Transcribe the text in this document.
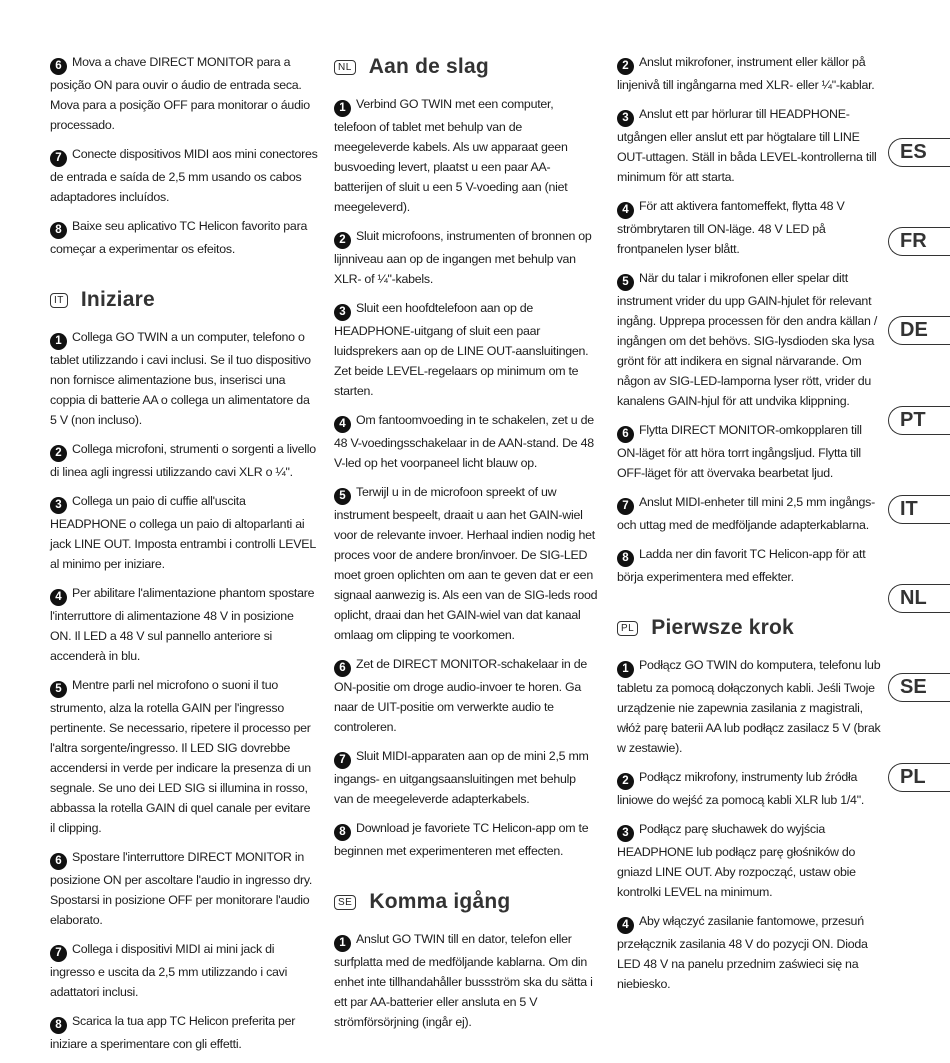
6 Mova a chave DIRECT MONITOR para a posição ON para ouvir o áudio de entrada seca. Mova para a posição OFF para monitorar o áudio processado.

7 Conecte dispositivos MIDI aos mini conectores de entrada e saída de 2,5 mm usando os cabos adaptadores incluídos.

8 Baixe seu aplicativo TC Helicon favorito para começar a experimentar os efeitos.

IT Iniziare

1 Collega GO TWIN a un computer, telefono o tablet utilizzando i cavi inclusi. Se il tuo dispositivo non fornisce alimentazione bus, inserisci una coppia di batterie AA o collega un alimentatore da 5 V (non incluso).

2 Collega microfoni, strumenti o sorgenti a livello di linea agli ingressi utilizzando cavi XLR o ¼".

3 Collega un paio di cuffie all'uscita HEADPHONE o collega un paio di altoparlanti ai jack LINE OUT. Imposta entrambi i controlli LEVEL al minimo per iniziare.

4 Per abilitare l'alimentazione phantom spostare l'interruttore di alimentazione 48 V in posizione ON. Il LED a 48 V sul pannello anteriore si accenderà in blu.

5 Mentre parli nel microfono o suoni il tuo strumento, alza la rotella GAIN per l'ingresso pertinente. Se necessario, ripetere il processo per l'altra sorgente/ingresso. Il LED SIG dovrebbe accendersi in verde per indicare la presenza di un segnale. Se uno dei LED SIG si illumina in rosso, abbassa la rotella GAIN di quel canale per evitare il clipping.

6 Spostare l'interruttore DIRECT MONITOR in posizione ON per ascoltare l'audio in ingresso dry. Spostarsi in posizione OFF per monitorare l'audio elaborato.

7 Collega i dispositivi MIDI ai mini jack di ingresso e uscita da 2,5 mm utilizzando i cavi adattatori inclusi.

8 Scarica la tua app TC Helicon preferita per iniziare a sperimentare con gli effetti.

NL Aan de slag

1 Verbind GO TWIN met een computer, telefoon of tablet met behulp van de meegeleverde kabels. Als uw apparaat geen busvoeding levert, plaatst u een paar AA-batterijen of sluit u een 5 V-voeding aan (niet meegeleverd).

2 Sluit microfoons, instrumenten of bronnen op lijnniveau aan op de ingangen met behulp van XLR- of ¼"-kabels.

3 Sluit een hoofdtelefoon aan op de HEADPHONE-uitgang of sluit een paar luidsprekers aan op de LINE OUT-aansluitingen. Zet beide LEVEL-regelaars op minimum om te starten.

4 Om fantoomvoeding in te schakelen, zet u de 48 V-voedingsschakelaar in de AAN-stand. De 48 V-led op het voorpaneel licht blauw op.

5 Terwijl u in de microfoon spreekt of uw instrument bespeelt, draait u aan het GAIN-wiel voor de relevante invoer. Herhaal indien nodig het proces voor de andere bron/invoer. De SIG-LED moet groen oplichten om aan te geven dat er een signaal aanwezig is. Als een van de SIG-leds rood oplicht, draai dan het GAIN-wiel van dat kanaal omlaag om clipping te voorkomen.

6 Zet de DIRECT MONITOR-schakelaar in de ON-positie om droge audio-invoer te horen. Ga naar de UIT-positie om verwerkte audio te controleren.

7 Sluit MIDI-apparaten aan op de mini 2,5 mm ingangs- en uitgangsaansluitingen met behulp van de meegeleverde adapterkabels.

8 Download je favoriete TC Helicon-app om te beginnen met experimenteren met effecten.

SE Komma igång

1 Anslut GO TWIN till en dator, telefon eller surfplatta med de medföljande kablarna. Om din enhet inte tillhandahåller bussström ska du sätta i ett par AA-batterier eller ansluta en 5 V strömförsörjning (ingår ej).

2 Anslut mikrofoner, instrument eller källor på linjenivå till ingångarna med XLR- eller ¼"-kablar.

3 Anslut ett par hörlurar till HEADPHONE-utgången eller anslut ett par högtalare till LINE OUT-uttagen. Ställ in båda LEVEL-kontrollerna till minimum för att starta.

4 För att aktivera fantomeffekt, flytta 48 V strömbrytaren till ON-läge. 48 V LED på frontpanelen lyser blått.

5 När du talar i mikrofonen eller spelar ditt instrument vrider du upp GAIN-hjulet för relevant ingång. Upprepa processen för den andra källan / ingången om det behövs. SIG-lysdioden ska lysa grönt för att indikera en signal närvarande. Om någon av SIG-LED-lamporna lyser rött, vrider du kanalens GAIN-hjul för att undvika klippning.

6 Flytta DIRECT MONITOR-omkopplaren till ON-läget för att höra torrt ingångsljud. Flytta till OFF-läget för att övervaka bearbetat ljud.

7 Anslut MIDI-enheter till mini 2,5 mm ingångs- och uttag med de medföljande adapterkablarna.

8 Ladda ner din favorit TC Helicon-app för att börja experimentera med effekter.

PL Pierwsze krok

1 Podłącz GO TWIN do komputera, telefonu lub tabletu za pomocą dołączonych kabli. Jeśli Twoje urządzenie nie zapewnia zasilania z magistrali, włóż parę baterii AA lub podłącz zasilacz 5 V (brak w zestawie).

2 Podłącz mikrofony, instrumenty lub źródła liniowe do wejść za pomocą kabli XLR lub 1/4".

3 Podłącz parę słuchawek do wyjścia HEADPHONE lub podłącz parę głośników do gniazd LINE OUT. Aby rozpocząć, ustaw obie kontrolki LEVEL na minimum.

4 Aby włączyć zasilanie fantomowe, przesuń przełącznik zasilania 48 V do pozycji ON. Dioda LED 48 V na panelu przednim zaświeci się na niebiesko.

ES
FR
DE
PT
IT
NL
SE
PL
